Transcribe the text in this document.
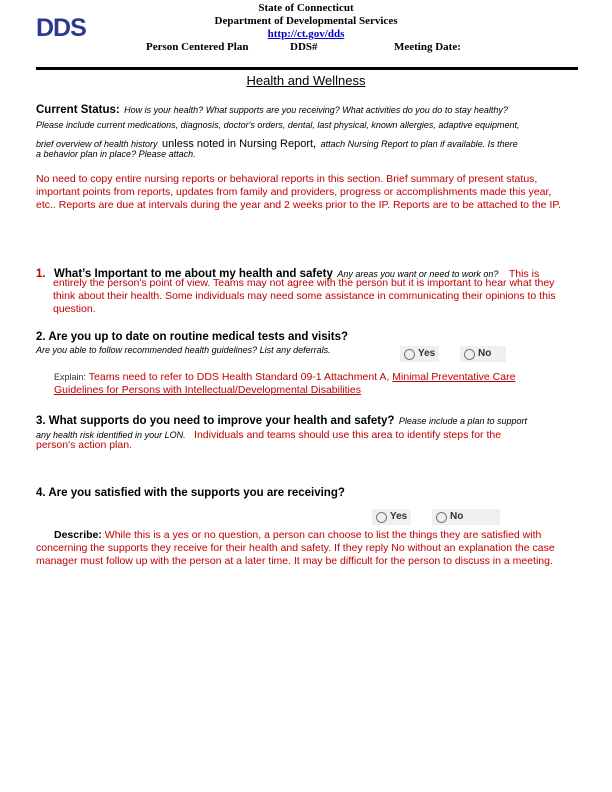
DDS
State of Connecticut
Department of Developmental Services
http://ct.gov/dds
Person Centered Plan	DDS#	Meeting Date:
Health and Wellness
Current Status: How is your health? What supports are you receiving? What activities do you do to stay healthy?
Please include current medications, diagnosis, doctor's orders, dental, last physical, known allergies, adaptive equipment,
brief overview of health history unless noted in Nursing Report, attach Nursing Report to plan if available. Is there
a behavior plan in place? Please attach.
No need to copy entire nursing reports or behavioral reports in this section. Brief summary of present status, important points from reports, updates from family and providers, progress or accomplishments made this year, etc.. Reports are due at intervals during the year and 2 weeks prior to the IP. Reports are to be attached to the IP.
1. What’s Important to me about my health and safety Any areas you want or need to work on? This is
entirely the person's point of view. Teams may not agree with the person but it is important to hear what they think about their health. Some individuals may need some assistance in communicating their opinions to this question.
2. Are you up to date on routine medical tests and visits?
Are you able to follow recommended health guidelines? List any deferrals.	Yes	No
Explain: Teams need to refer to DDS Health Standard 09-1 Attachment A, Minimal Preventative Care
Guidelines for Persons with Intellectual/Developmental Disabilities
3. What supports do you need to improve your health and safety? Please include a plan to support
any health risk identified in your LON. Individuals and teams should use this area to identify steps for the
person's action plan.
4. Are you satisfied with the supports you are receiving?
Yes	No
Describe: While this is a yes or no question, a person can choose to list the things they are satisfied with concerning the supports they receive for their health and safety. If they reply No without an explanation the case manager must follow up with the person at a later time. It may be difficult for the person to discuss in a meeting.
